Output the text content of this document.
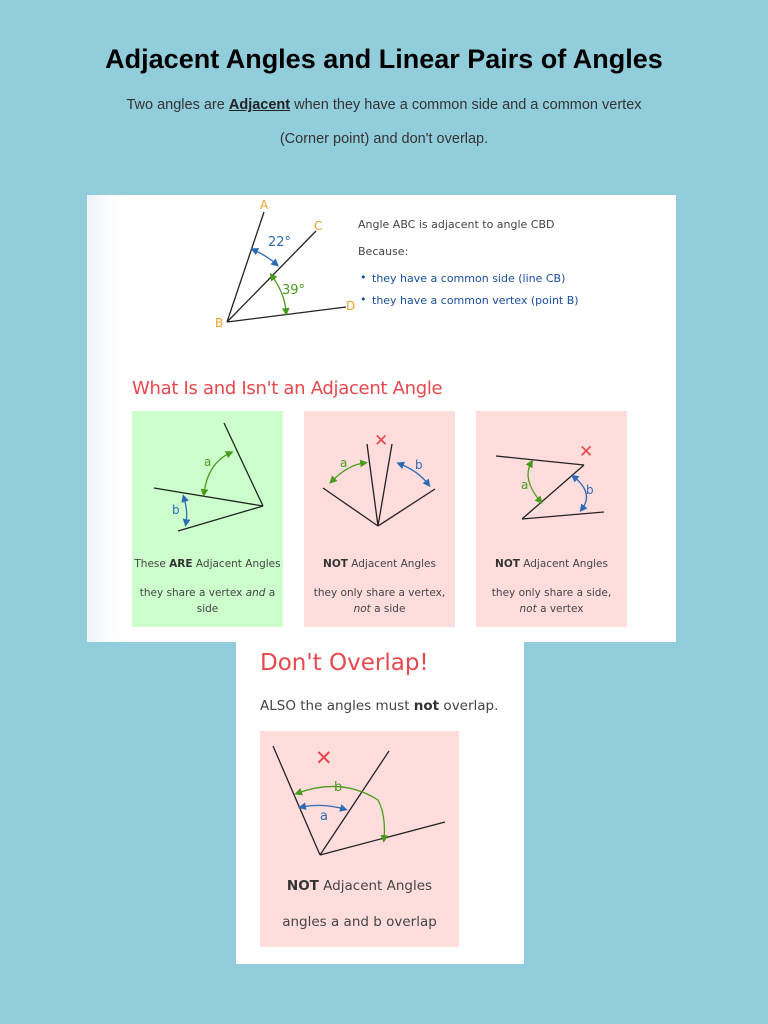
Adjacent Angles and Linear Pairs of Angles
Two angles are Adjacent when they have a common side and a common vertex
(Corner point) and don't overlap.
A
B
C
D
22°
39°
Angle ABC is adjacent to angle CBD
Because:
• they have a common side (line CB)
• they have a common vertex (point B)
What Is and Isn't an Adjacent Angle
a
b
These ARE Adjacent Angles
they share a vertex and a side
a	b
✕
NOT Adjacent Angles
they only share a vertex,
not a side
a	b
✕
NOT Adjacent Angles
they only share a side,
not a vertex
Don't Overlap!
ALSO the angles must not overlap.
b
a
✕
NOT Adjacent Angles
angles a and b overlap
